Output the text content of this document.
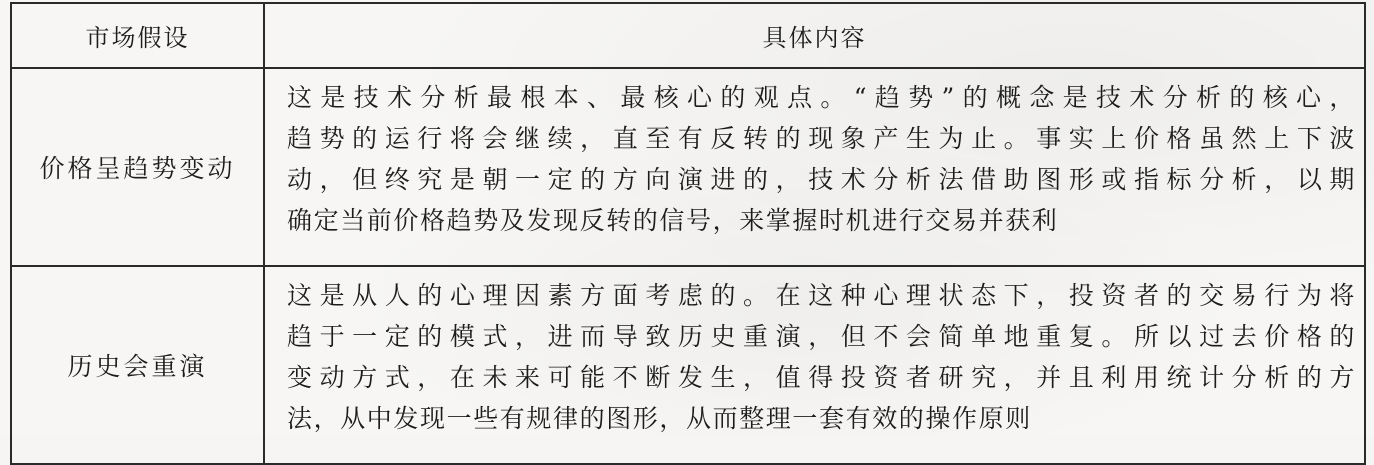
市场假设	具体内容
价格呈趋势变动	这是技术分析最根本、最核心的观点。“趋势”的概念是技术分析的核心，
趋势的运行将会继续，直至有反转的现象产生为止。事实上价格虽然上下波
动，但终究是朝一定的方向演进的，技术分析法借助图形或指标分析，以期
确定当前价格趋势及发现反转的信号，来掌握时机进行交易并获利

历史会重演	这是从人的心理因素方面考虑的。在这种心理状态下，投资者的交易行为将
趋于一定的模式，进而导致历史重演，但不会简单地重复。所以过去价格的
变动方式，在未来可能不断发生，值得投资者研究，并且利用统计分析的方
法，从中发现一些有规律的图形，从而整理一套有效的操作原则
